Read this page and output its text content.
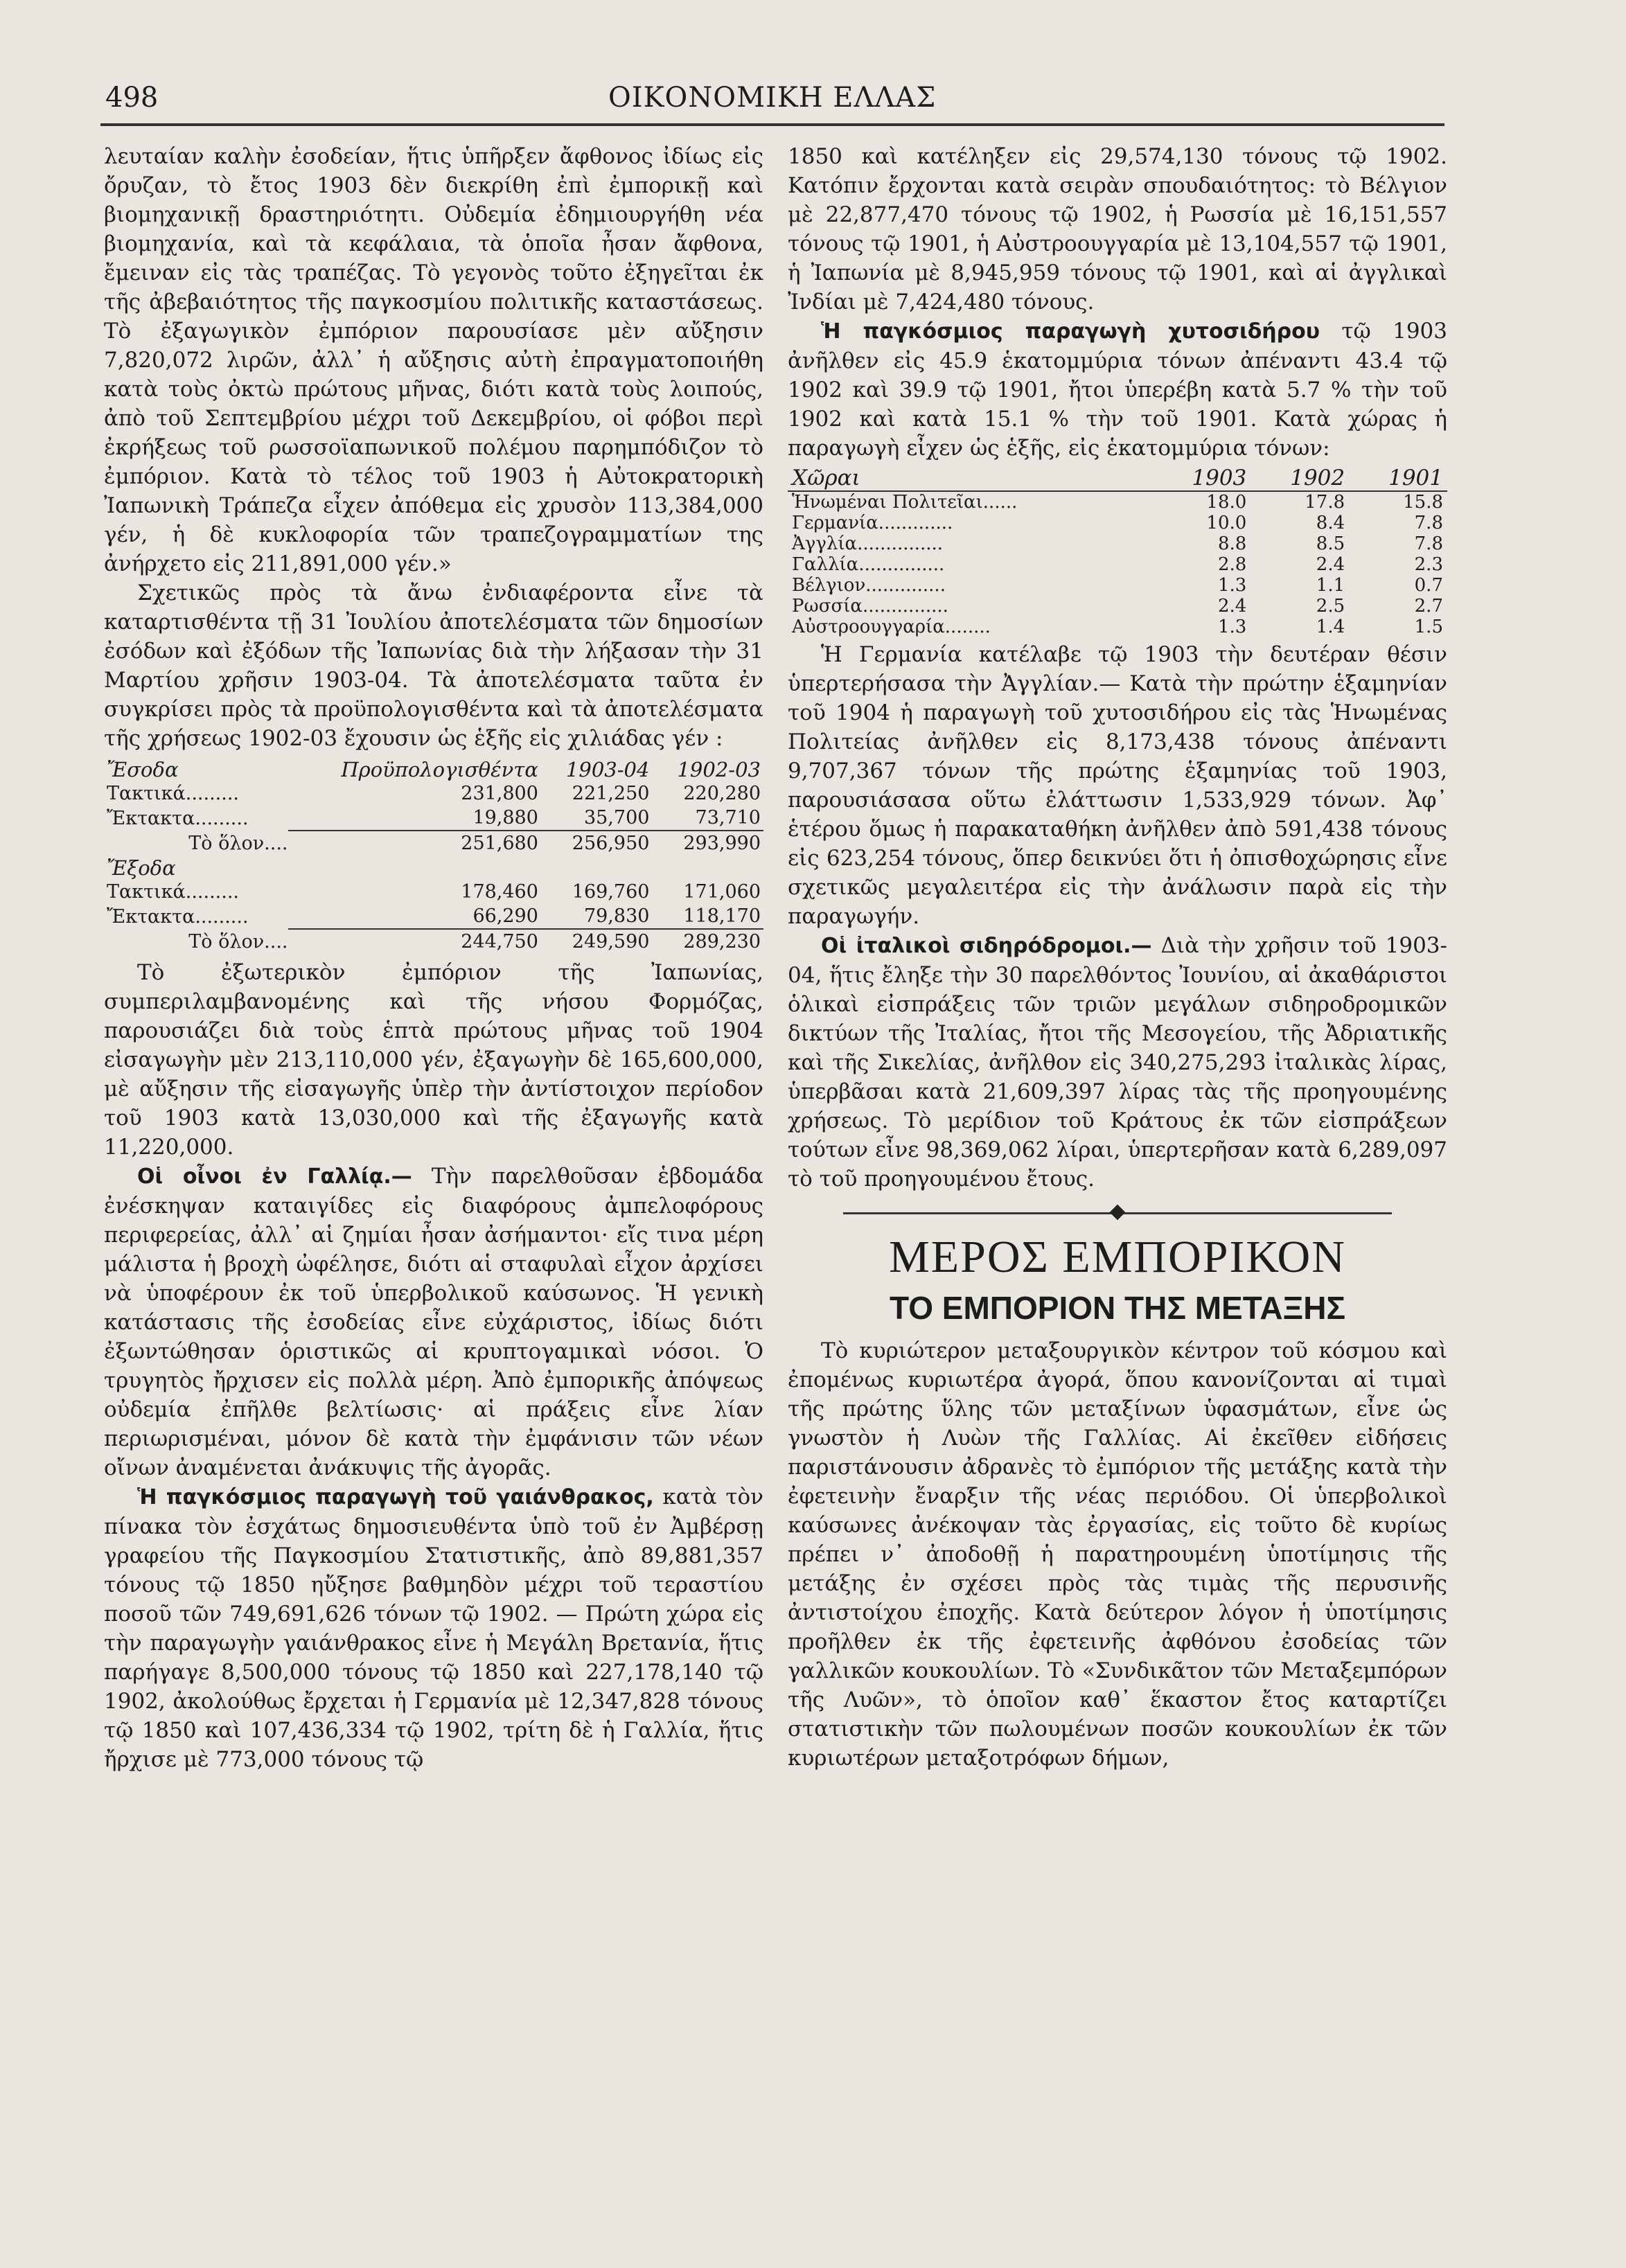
498	ΟΙΚΟΝΟΜΙΚΗ ΕΛΛΑΣ

λευταίαν καλὴν ἐσοδείαν, ἥτις ὑπῆρξεν ἄφθονος ἰδίως εἰς ὄρυζαν, τὸ ἔτος 1903 δὲν διεκρίθη ἐπὶ ἐμπορικῇ καὶ βιομηχανικῇ δραστηριότητι. Οὐδεμία ἐδημιουργήθη νέα βιομηχανία, καὶ τὰ κεφάλαια, τὰ ὁποῖα ἦσαν ἄφθονα, ἔμειναν εἰς τὰς τραπέζας. Τὸ γεγονὸς τοῦτο ἐξηγεῖται ἐκ τῆς ἀβεβαιότητος τῆς παγκοσμίου πολιτικῆς καταστάσεως. Τὸ ἐξαγωγικὸν ἐμπόριον παρουσίασε μὲν αὔξησιν 7,820,072 λιρῶν, ἀλλ᾽ ἡ αὔξησις αὐτὴ ἐπραγματοποιήθη κατὰ τοὺς ὀκτὼ πρώτους μῆνας, διότι κατὰ τοὺς λοιπούς, ἀπὸ τοῦ Σεπτεμβρίου μέχρι τοῦ Δεκεμβρίου, οἱ φόβοι περὶ ἐκρήξεως τοῦ ρωσσοϊαπωνικοῦ πολέμου παρημπόδιζον τὸ ἐμπόριον. Κατὰ τὸ τέλος τοῦ 1903 ἡ Αὐτοκρατορικὴ Ἰαπωνικὴ Τράπεζα εἶχεν ἀπόθεμα εἰς χρυσὸν 113,384,000 γέν, ἡ δὲ κυκλοφορία τῶν τραπεζογραμματίων της ἀνήρχετο εἰς 211,891,000 γέν.»

Σχετικῶς πρὸς τὰ ἄνω ἐνδιαφέροντα εἶνε τὰ καταρτισθέντα τῇ 31 Ἰουλίου ἀποτελέσματα τῶν δημοσίων ἐσόδων καὶ ἐξόδων τῆς Ἰαπωνίας διὰ τὴν λήξασαν τὴν 31 Μαρτίου χρῆσιν 1903-04. Τὰ ἀποτελέσματα ταῦτα ἐν συγκρίσει πρὸς τὰ προϋπολογισθέντα καὶ τὰ ἀποτελέσματα τῆς χρήσεως 1902-03 ἔχουσιν ὡς ἑξῆς εἰς χιλιάδας γέν :

Ἔσοδα	Προϋπολογισθέντα	1903-04	1902-03
Τακτικά.........	231,800	221,250	220,280
Ἔκτακτα.........	19,880	35,700	73,710
Τὸ ὅλον....	251,680	256,950	293,990
Ἔξοδα			
Τακτικά.........	178,460	169,760	171,060
Ἔκτακτα.........	66,290	79,830	118,170
Τὸ ὅλον....	244,750	249,590	289,230

Τὸ ἐξωτερικὸν ἐμπόριον τῆς Ἰαπωνίας, συμπεριλαμβανομένης καὶ τῆς νήσου Φορμόζας, παρουσιάζει διὰ τοὺς ἑπτὰ πρώτους μῆνας τοῦ 1904 εἰσαγωγὴν μὲν 213,110,000 γέν, ἐξαγωγὴν δὲ 165,600,000, μὲ αὔξησιν τῆς εἰσαγωγῆς ὑπὲρ τὴν ἀντίστοιχον περίοδον τοῦ 1903 κατὰ 13,030,000 καὶ τῆς ἐξαγωγῆς κατὰ 11,220,000.

Οἱ οἶνοι ἐν Γαλλίᾳ.— Τὴν παρελθοῦσαν ἑβδομάδα ἐνέσκηψαν καταιγίδες εἰς διαφόρους ἀμπελοφόρους περιφερείας, ἀλλ᾽ αἱ ζημίαι ἦσαν ἀσήμαντοι· εἴς τινα μέρη μάλιστα ἡ βροχὴ ὠφέλησε, διότι αἱ σταφυλαὶ εἶχον ἀρχίσει νὰ ὑποφέρουν ἐκ τοῦ ὑπερβολικοῦ καύσωνος. Ἡ γενικὴ κατάστασις τῆς ἐσοδείας εἶνε εὐχάριστος, ἰδίως διότι ἐξωντώθησαν ὁριστικῶς αἱ κρυπτογαμικαὶ νόσοι. Ὁ τρυγητὸς ἤρχισεν εἰς πολλὰ μέρη. Ἀπὸ ἐμπορικῆς ἀπόψεως οὐδεμία ἐπῆλθε βελτίωσις· αἱ πράξεις εἶνε λίαν περιωρισμέναι, μόνον δὲ κατὰ τὴν ἐμφάνισιν τῶν νέων οἴνων ἀναμένεται ἀνάκυψις τῆς ἀγορᾶς.

Ἡ παγκόσμιος παραγωγὴ τοῦ γαιάνθρακος, κατὰ τὸν πίνακα τὸν ἐσχάτως δημοσιευθέντα ὑπὸ τοῦ ἐν Ἀμβέρσῃ γραφείου τῆς Παγκοσμίου Στατιστικῆς, ἀπὸ 89,881,357 τόνους τῷ 1850 ηὔξησε βαθμηδὸν μέχρι τοῦ τεραστίου ποσοῦ τῶν 749,691,626 τόνων τῷ 1902. — Πρώτη χώρα εἰς τὴν παραγωγὴν γαιάνθρακος εἶνε ἡ Μεγάλη Βρετανία, ἥτις παρήγαγε 8,500,000 τόνους τῷ 1850 καὶ 227,178,140 τῷ 1902, ἀκολούθως ἔρχεται ἡ Γερμανία μὲ 12,347,828 τόνους τῷ 1850 καὶ 107,436,334 τῷ 1902, τρίτη δὲ ἡ Γαλλία, ἥτις ἤρχισε μὲ 773,000 τόνους τῷ

1850 καὶ κατέληξεν εἰς 29,574,130 τόνους τῷ 1902. Κατόπιν ἔρχονται κατὰ σειρὰν σπουδαιότητος: τὸ Βέλγιον μὲ 22,877,470 τόνους τῷ 1902, ἡ Ρωσσία μὲ 16,151,557 τόνους τῷ 1901, ἡ Αὐστροουγγαρία μὲ 13,104,557 τῷ 1901, ἡ Ἰαπωνία μὲ 8,945,959 τόνους τῷ 1901, καὶ αἱ ἀγγλικαὶ Ἰνδίαι μὲ 7,424,480 τόνους.

Ἡ παγκόσμιος παραγωγὴ χυτοσιδήρου τῷ 1903 ἀνῆλθεν εἰς 45.9 ἑκατομμύρια τόνων ἀπέναντι 43.4 τῷ 1902 καὶ 39.9 τῷ 1901, ἤτοι ὑπερέβη κατὰ 5.7 % τὴν τοῦ 1902 καὶ κατὰ 15.1 % τὴν τοῦ 1901. Κατὰ χώρας ἡ παραγωγὴ εἶχεν ὡς ἑξῆς, εἰς ἑκατομμύρια τόνων:

Χῶραι	1903	1902	1901
Ἡνωμέναι Πολιτεῖαι......	18.0	17.8	15.8
Γερμανία.............	10.0	8.4	7.8
Ἀγγλία...............	8.8	8.5	7.8
Γαλλία...............	2.8	2.4	2.3
Βέλγιον..............	1.3	1.1	0.7
Ρωσσία...............	2.4	2.5	2.7
Αὐστροουγγαρία........	1.3	1.4	1.5

Ἡ Γερμανία κατέλαβε τῷ 1903 τὴν δευτέραν θέσιν ὑπερτερήσασα τὴν Ἀγγλίαν.— Κατὰ τὴν πρώτην ἑξαμηνίαν τοῦ 1904 ἡ παραγωγὴ τοῦ χυτοσιδήρου εἰς τὰς Ἡνωμένας Πολιτείας ἀνῆλθεν εἰς 8,173,438 τόνους ἀπέναντι 9,707,367 τόνων τῆς πρώτης ἑξαμηνίας τοῦ 1903, παρουσιάσασα οὕτω ἐλάττωσιν 1,533,929 τόνων. Ἀφ᾽ ἑτέρου ὅμως ἡ παρακαταθήκη ἀνῆλθεν ἀπὸ 591,438 τόνους εἰς 623,254 τόνους, ὅπερ δεικνύει ὅτι ἡ ὀπισθοχώρησις εἶνε σχετικῶς μεγαλειτέρα εἰς τὴν ἀνάλωσιν παρὰ εἰς τὴν παραγωγήν.

Οἱ ἰταλικοὶ σιδηρόδρομοι.— Διὰ τὴν χρῆσιν τοῦ 1903-04, ἥτις ἔληξε τὴν 30 παρελθόντος Ἰουνίου, αἱ ἀκαθάριστοι ὁλικαὶ εἰσπράξεις τῶν τριῶν μεγάλων σιδηροδρομικῶν δικτύων τῆς Ἰταλίας, ἤτοι τῆς Μεσογείου, τῆς Ἀδριατικῆς καὶ τῆς Σικελίας, ἀνῆλθον εἰς 340,275,293 ἰταλικὰς λίρας, ὑπερβᾶσαι κατὰ 21,609,397 λίρας τὰς τῆς προηγουμένης χρήσεως. Τὸ μερίδιον τοῦ Κράτους ἐκ τῶν εἰσπράξεων τούτων εἶνε 98,369,062 λίραι, ὑπερτερῆσαν κατὰ 6,289,097 τὸ τοῦ προηγουμένου ἔτους.

ΜΕΡΟΣ ΕΜΠΟΡΙΚΟΝ
ΤΟ ΕΜΠΟΡΙΟΝ ΤΗΣ ΜΕΤΑΞΗΣ

Τὸ κυριώτερον μεταξουργικὸν κέντρον τοῦ κόσμου καὶ ἐπομένως κυριωτέρα ἀγορά, ὅπου κανονίζονται αἱ τιμαὶ τῆς πρώτης ὕλης τῶν μεταξίνων ὑφασμάτων, εἶνε ὡς γνωστὸν ἡ Λυὼν τῆς Γαλλίας. Αἱ ἐκεῖθεν εἰδήσεις παριστάνουσιν ἀδρανὲς τὸ ἐμπόριον τῆς μετάξης κατὰ τὴν ἐφετεινὴν ἔναρξιν τῆς νέας περιόδου. Οἱ ὑπερβολικοὶ καύσωνες ἀνέκοψαν τὰς ἐργασίας, εἰς τοῦτο δὲ κυρίως πρέπει ν᾽ ἀποδοθῇ ἡ παρατηρουμένη ὑποτίμησις τῆς μετάξης ἐν σχέσει πρὸς τὰς τιμὰς τῆς περυσινῆς ἀντιστοίχου ἐποχῆς. Κατὰ δεύτερον λόγον ἡ ὑποτίμησις προῆλθεν ἐκ τῆς ἐφετεινῆς ἀφθόνου ἐσοδείας τῶν γαλλικῶν κουκουλίων. Τὸ «Συνδικᾶτον τῶν Μεταξεμπόρων τῆς Λυῶν», τὸ ὁποῖον καθ᾽ ἕκαστον ἔτος καταρτίζει στατιστικὴν τῶν πωλουμένων ποσῶν κουκουλίων ἐκ τῶν κυριωτέρων μεταξοτρόφων δήμων,
